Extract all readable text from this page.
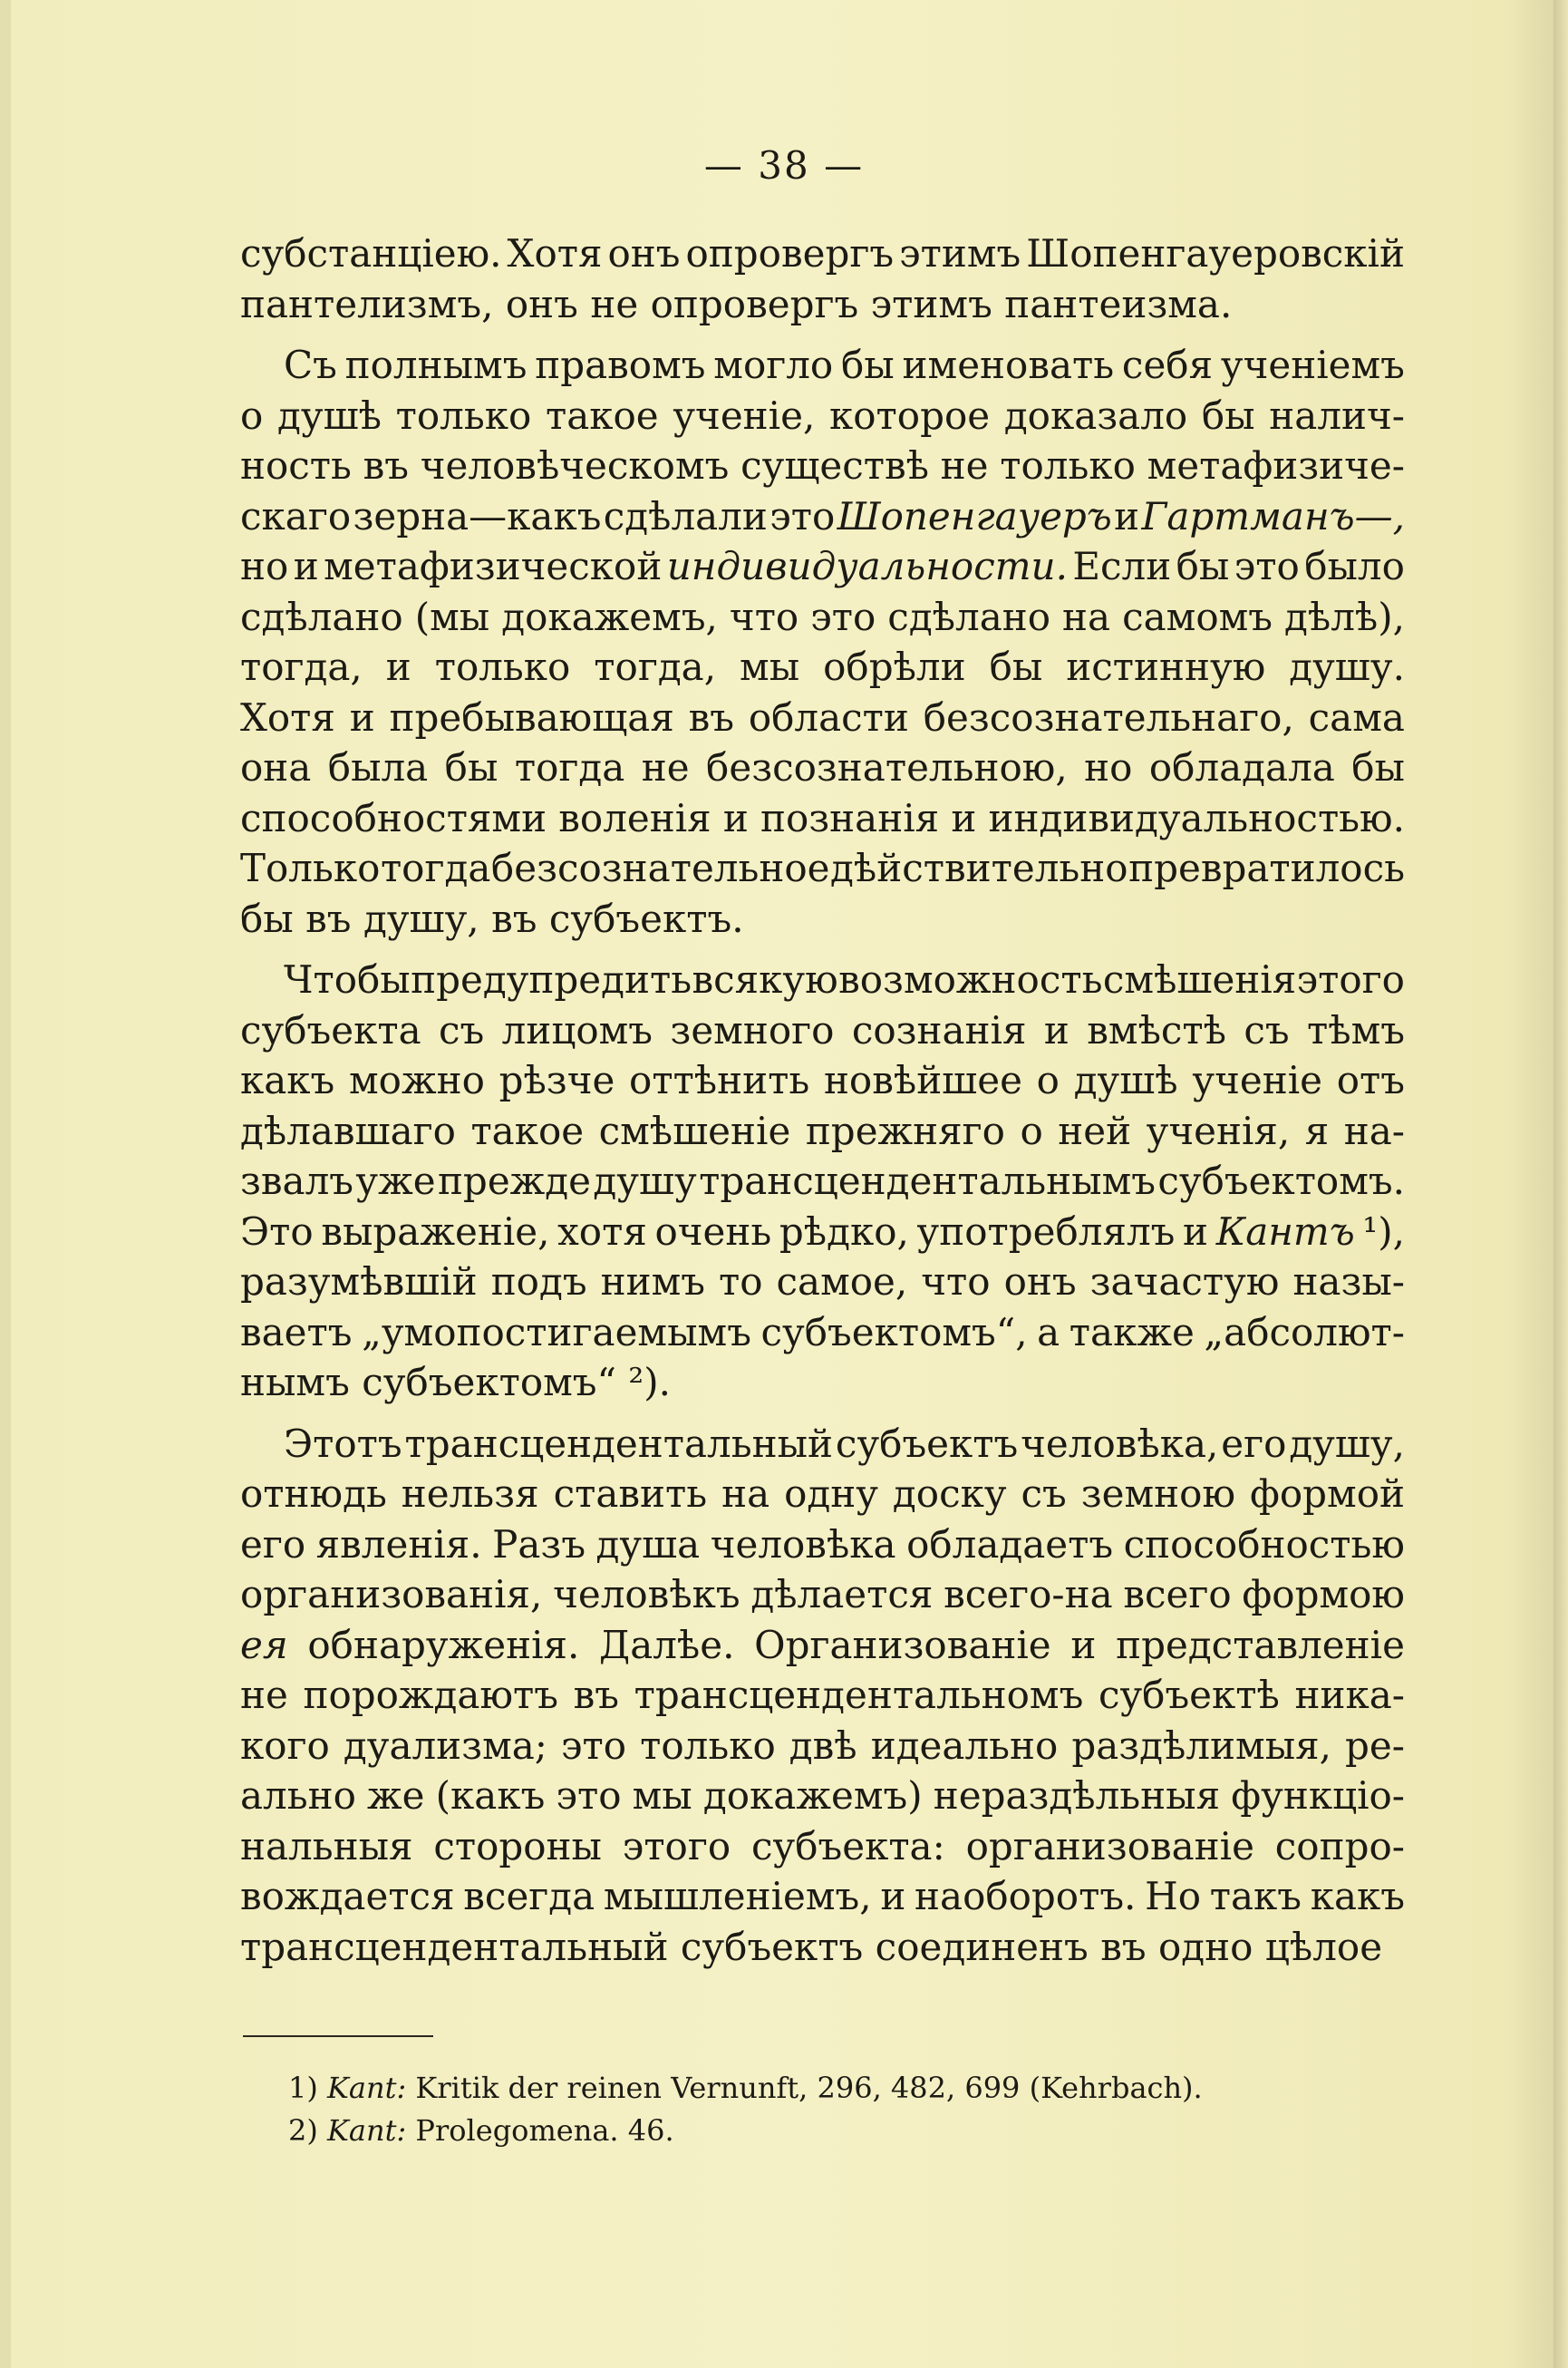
— 38 —
субстанціею. Хотя онъ опровергъ этимъ Шопенгауеровскій
пантелизмъ, онъ не опровергъ этимъ пантеизма.
Съ полнымъ правомъ могло бы именовать себя ученіемъ
о душѣ только такое ученіе, которое доказало бы налич-
ность въ человѣческомъ существѣ не только метафизиче-
скаго зерна—какъ сдѣлали это Шопенгауеръ и Гартманъ—,
но и метафизической индивидуальности. Если бы это было
сдѣлано (мы докажемъ, что это сдѣлано на самомъ дѣлѣ),
тогда, и только тогда, мы обрѣли бы истинную душу.
Хотя и пребывающая въ области безсознательнаго, сама
она была бы тогда не безсознательною, но обладала бы
способностями воленія и познанія и индивидуальностью.
Только тогда безсознательное дѣйствительно превратилось
бы въ душу, въ субъектъ.
Чтобы предупредить всякую возможность смѣшенія этого
субъекта съ лицомъ земного сознанія и вмѣстѣ съ тѣмъ
какъ можно рѣзче оттѣнить новѣйшее о душѣ ученіе отъ
дѣлавшаго такое смѣшеніе прежняго о ней ученія, я на-
звалъ уже прежде душу трансцендентальнымъ субъектомъ.
Это выраженіе, хотя очень рѣдко, употреблялъ и Кантъ ¹),
разумѣвшій подъ нимъ то самое, что онъ зачастую назы-
ваетъ „умопостигаемымъ субъектомъ“, а также „абсолют-
нымъ субъектомъ“ ²).
Этотъ трансцендентальный субъектъ человѣка, его душу,
отнюдь нельзя ставить на одну доску съ земною формой
его явленія. Разъ душа человѣка обладаетъ способностью
организованія, человѣкъ дѣлается всего-на всего формою
ея обнаруженія. Далѣе. Организованіе и представленіе
не порождаютъ въ трансцендентальномъ субъектѣ никa-
кого дуализма; это только двѣ идеально раздѣлимыя, ре-
ально же (какъ это мы докажемъ) нераздѣльныя функціо-
нальныя стороны этого субъекта: организованіе сопро-
вождается всегда мышленіемъ, и наоборотъ. Но такъ какъ
трансцендентальный субъектъ соединенъ въ одно цѣлое
1) Kant: Kritik der reinen Vernunft, 296, 482, 699 (Kehrbach).
2) Kant: Prolegomena. 46.
